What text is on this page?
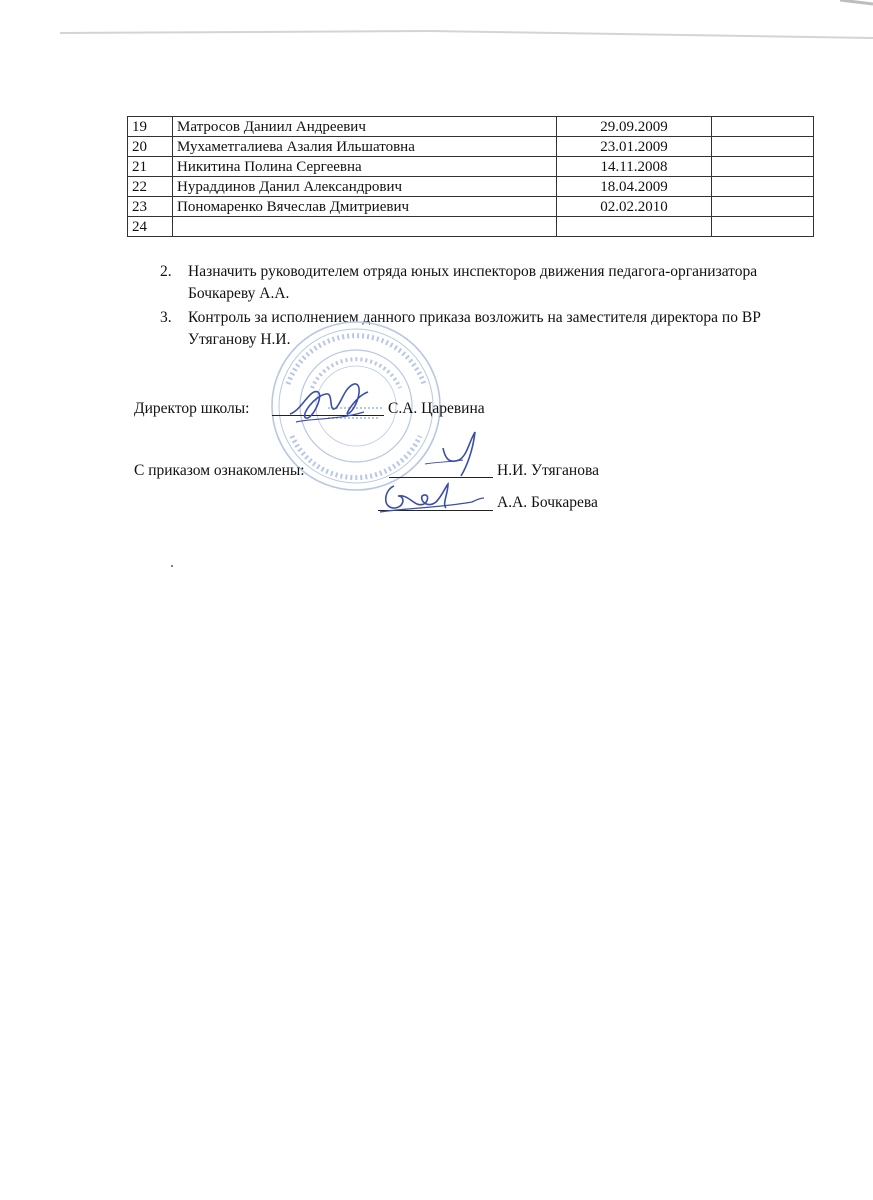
19	Матросов Даниил Андреевич	29.09.2009	
20	Мухаметгалиева Азалия Ильшатовна	23.01.2009	
21	Никитина Полина Сергеевна	14.11.2008	
22	Нураддинов Данил Александрович	18.04.2009	
23	Пономаренко Вячеслав Дмитриевич	02.02.2010	
24			
2. Назначить руководителем отряда юных инспекторов движения педагога-организатора
Бочкареву А.А.
3. Контроль за исполнением данного приказа возложить на заместителя директора по ВР
Утяганову Н.И.
Директор школы:	С.А. Царевина
С приказом ознакомлены:	Н.И. Утяганова
А.А. Бочкарева
